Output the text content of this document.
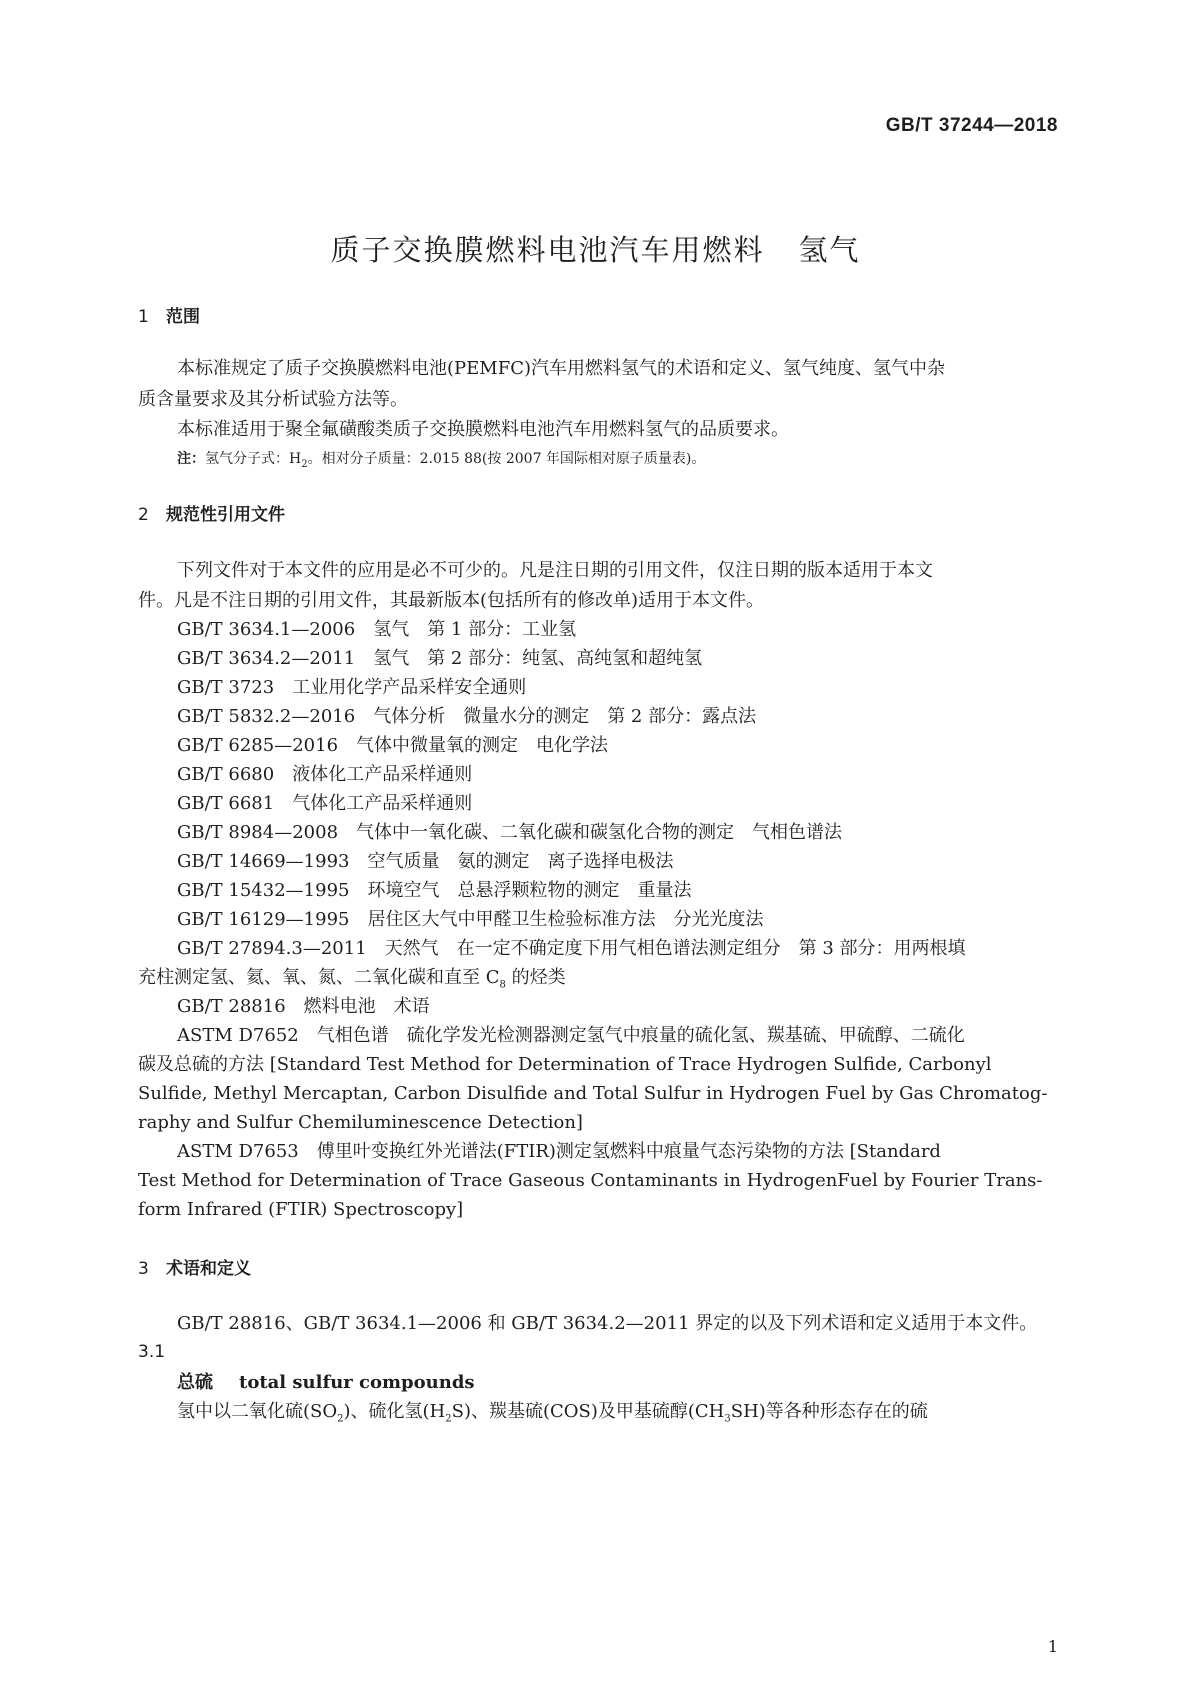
GB/T 37244—2018
质子交换膜燃料电池汽车用燃料 氢气
1 范围
本标准规定了质子交换膜燃料电池(PEMFC)汽车用燃料氢气的术语和定义、氢气纯度、氢气中杂
质含量要求及其分析试验方法等。
本标准适用于聚全氟磺酸类质子交换膜燃料电池汽车用燃料氢气的品质要求。
注：氢气分子式：$H_2$。相对分子质量：2.015 88(按 2007 年国际相对原子质量表)。
2 规范性引用文件
下列文件对于本文件的应用是必不可少的。凡是注日期的引用文件，仅注日期的版本适用于本文
件。凡是不注日期的引用文件，其最新版本(包括所有的修改单)适用于本文件。
GB/T 3634.1—2006　氢气　第 1 部分：工业氢
GB/T 3634.2—2011　氢气　第 2 部分：纯氢、高纯氢和超纯氢
GB/T 3723　工业用化学产品采样安全通则
GB/T 5832.2—2016　气体分析　微量水分的测定　第 2 部分：露点法
GB/T 6285—2016　气体中微量氧的测定　电化学法
GB/T 6680　液体化工产品采样通则
GB/T 6681　气体化工产品采样通则
GB/T 8984—2008　气体中一氧化碳、二氧化碳和碳氢化合物的测定　气相色谱法
GB/T 14669—1993　空气质量　氨的测定　离子选择电极法
GB/T 15432—1995　环境空气　总悬浮颗粒物的测定　重量法
GB/T 16129—1995　居住区大气中甲醛卫生检验标准方法　分光光度法
GB/T 27894.3—2011　天然气　在一定不确定度下用气相色谱法测定组分　第 3 部分：用两根填
充柱测定氢、氦、氧、氮、二氧化碳和直至 $C_8$ 的烃类
GB/T 28816　燃料电池　术语
ASTM D7652　气相色谱　硫化学发光检测器测定氢气中痕量的硫化氢、羰基硫、甲硫醇、二硫化
碳及总硫的方法 [Standard Test Method for Determination of Trace Hydrogen Sulfide, Carbonyl
Sulfide, Methyl Mercaptan, Carbon Disulfide and Total Sulfur in Hydrogen Fuel by Gas Chromatog-
raphy and Sulfur Chemiluminescence Detection]
ASTM D7653　傅里叶变换红外光谱法(FTIR)测定氢燃料中痕量气态污染物的方法 [Standard
Test Method for Determination of Trace Gaseous Contaminants in HydrogenFuel by Fourier Trans-
form Infrared (FTIR) Spectroscopy]
3 术语和定义
GB/T 28816、GB/T 3634.1—2006 和 GB/T 3634.2—2011 界定的以及下列术语和定义适用于本文件。
3.1
总硫 total sulfur compounds
氢中以二氧化硫$(SO_2)$、硫化氢$(H_2S)$、羰基硫(COS)及甲基硫醇$(CH_3SH)$等各种形态存在的硫
1
